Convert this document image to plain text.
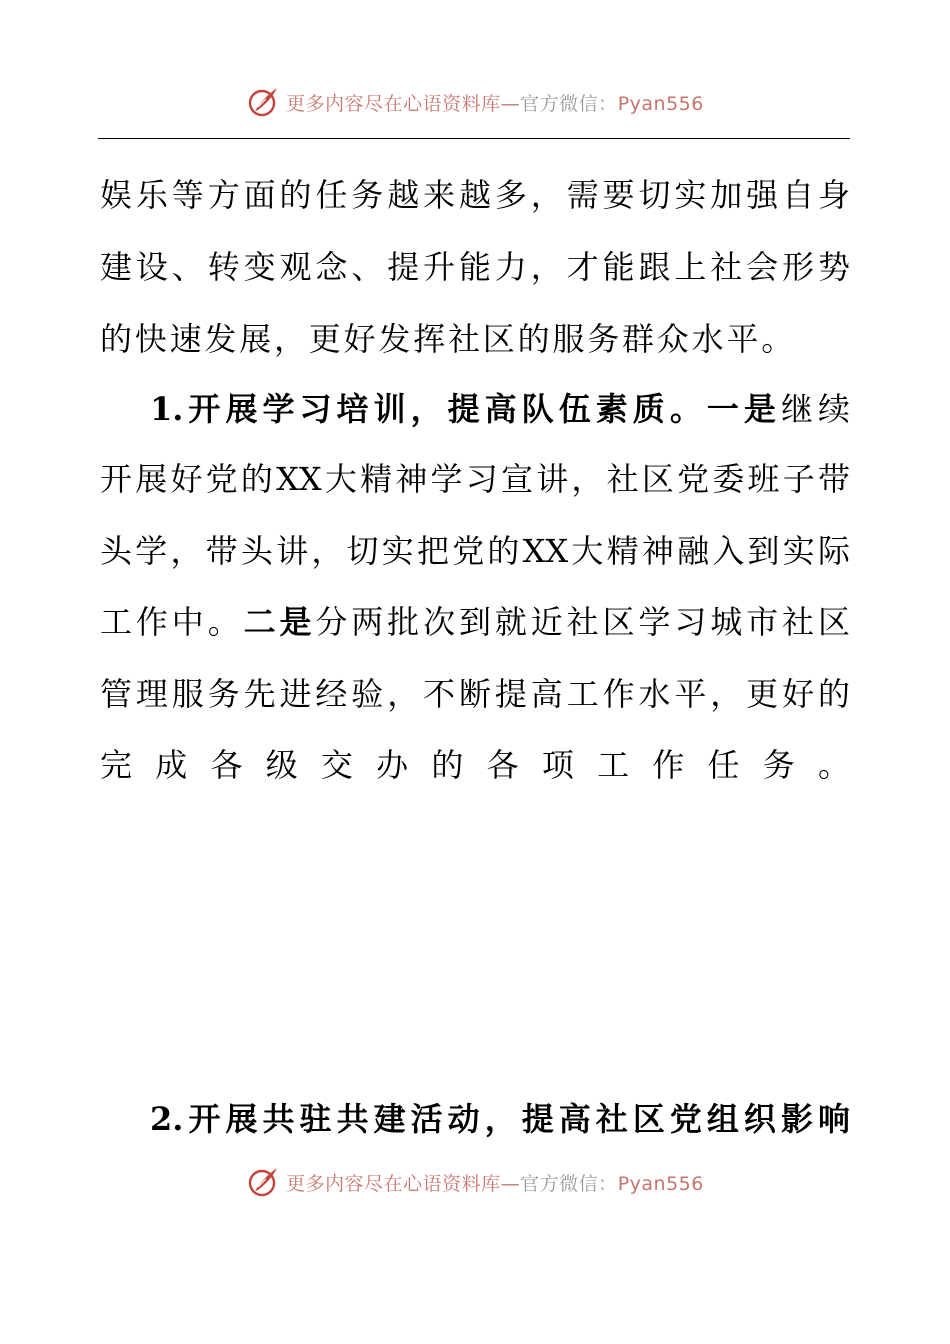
更多内容尽在心语资料库—官方微信：Pyan556
娱乐等方面的任务越来越多，需要切实加强自身
建设、转变观念、提升能力，才能跟上社会形势
的快速发展，更好发挥社区的服务群众水平。
1.开展学习培训，提高队伍素质。一是继续
开展好党的XX大精神学习宣讲，社区党委班子带
头学，带头讲，切实把党的XX大精神融入到实际
工作中。二是分两批次到就近社区学习城市社区
管理服务先进经验，不断提高工作水平，更好的
完成各级交办的各项工作任务。
2.开展共驻共建活动，提高社区党组织影响
更多内容尽在心语资料库—官方微信：Pyan556
